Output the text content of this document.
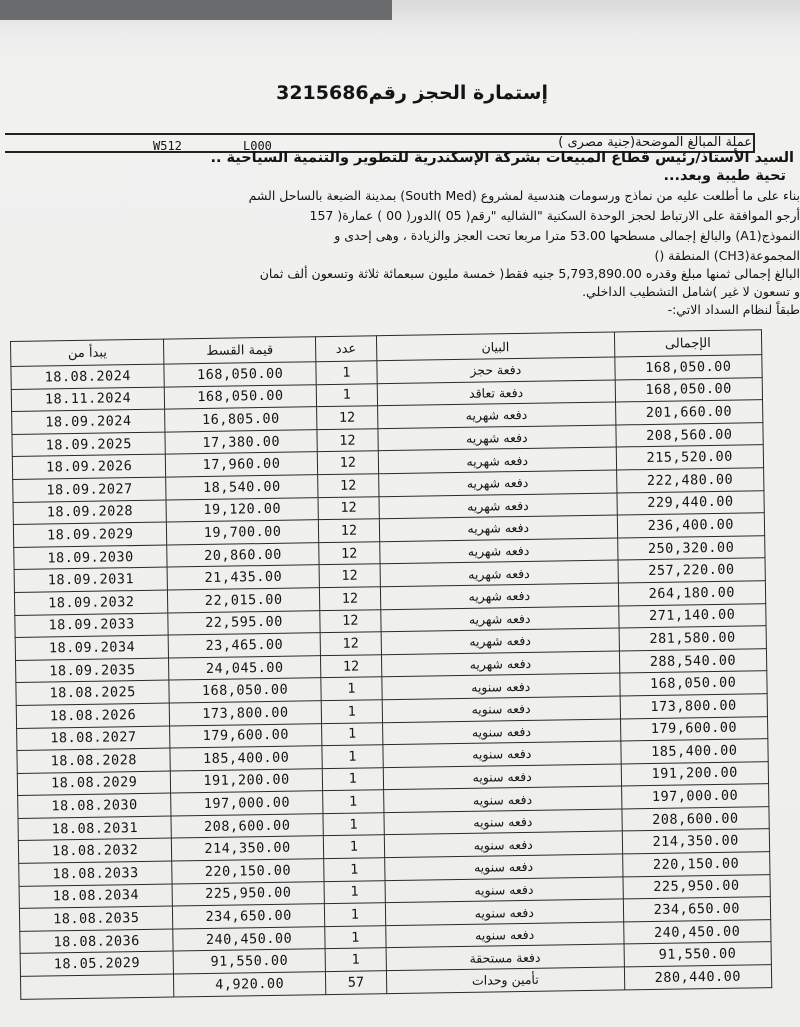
إستمارة الحجز رقم3215686
عملة المبالغ الموضحة(جنية مصرى )
W512	L000
السيد الأستاذ/رئيس قطاع المبيعات بشركة الإسكندرية للتطوير والتنمية السياحية ..
تحية طيبة وبعد...
بناء على ما أطلعت عليه من نماذج ورسومات هندسية لمشروع (South Med) بمدينة الضبعة بالساحل الشم
أرجو الموافقة على الارتباط لحجز الوحدة السكنية "الشاليه "رقم( 05 )الدور( 00 ) عمارة( 157
النموذج(A1) والبالغ إجمالى مسطحها 53.00 مترا مربعا تحت العجز والزيادة ، وهى إحدى و
المجموعة(CH3) المنطقة ()
البالغ إجمالى ثمنها مبلغ وقدره 5,793,890.00 جنيه فقط( خمسة مليون سبعمائة ثلاثة وتسعون ألف ثمان
و تسعون لا غير )شامل التشطيب الداخلي.
طبقاً لنظام السداد الاتي:-
يبدأ من	قيمة القسط	عدد	البيان	الإجمالى
18.08.2024	168,050.00	1	دفعة حجز	168,050.00
18.11.2024	168,050.00	1	دفعة تعاقد	168,050.00
18.09.2024	16,805.00	12	دفعه شهريه	201,660.00
18.09.2025	17,380.00	12	دفعه شهريه	208,560.00
18.09.2026	17,960.00	12	دفعه شهريه	215,520.00
18.09.2027	18,540.00	12	دفعه شهريه	222,480.00
18.09.2028	19,120.00	12	دفعه شهريه	229,440.00
18.09.2029	19,700.00	12	دفعه شهريه	236,400.00
18.09.2030	20,860.00	12	دفعه شهريه	250,320.00
18.09.2031	21,435.00	12	دفعه شهريه	257,220.00
18.09.2032	22,015.00	12	دفعه شهريه	264,180.00
18.09.2033	22,595.00	12	دفعه شهريه	271,140.00
18.09.2034	23,465.00	12	دفعه شهريه	281,580.00
18.09.2035	24,045.00	12	دفعه شهريه	288,540.00
18.08.2025	168,050.00	1	دفعه سنويه	168,050.00
18.08.2026	173,800.00	1	دفعه سنويه	173,800.00
18.08.2027	179,600.00	1	دفعه سنويه	179,600.00
18.08.2028	185,400.00	1	دفعه سنويه	185,400.00
18.08.2029	191,200.00	1	دفعه سنويه	191,200.00
18.08.2030	197,000.00	1	دفعه سنويه	197,000.00
18.08.2031	208,600.00	1	دفعه سنويه	208,600.00
18.08.2032	214,350.00	1	دفعه سنويه	214,350.00
18.08.2033	220,150.00	1	دفعه سنويه	220,150.00
18.08.2034	225,950.00	1	دفعه سنويه	225,950.00
18.08.2035	234,650.00	1	دفعه سنويه	234,650.00
18.08.2036	240,450.00	1	دفعه سنويه	240,450.00
18.05.2029	91,550.00	1	دفعة مستحقة	91,550.00
	4,920.00	57	تأمين وحدات	280,440.00
